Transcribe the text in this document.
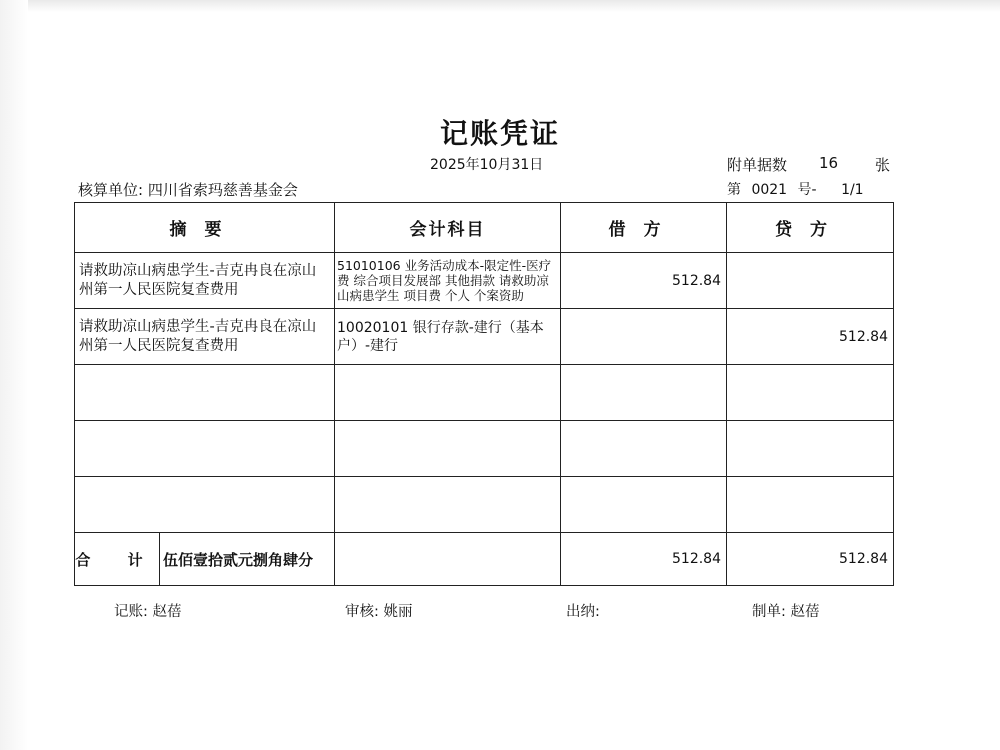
记账凭证
2025年10月31日	附单据数 16	张
核算单位: 四川省索玛慈善基金会	第 0021 号- 1/1
摘要	会计科目	借方	贷方
请救助凉山病患学生-吉克冉良在凉山州第一人民医院复查费用	51010106 业务活动成本-限定性-医疗费 综合项目发展部 其他捐款 请救助凉山病患学生 项目费 个人 个案资助	512.84	
请救助凉山病患学生-吉克冉良在凉山州第一人民医院复查费用	10020101 银行存款-建行（基本户）-建行		512.84

合 计 伍佰壹拾贰元捌角肆分		512.84	512.84
记账: 赵蓓	审核: 姚丽	出纳:	制单: 赵蓓
